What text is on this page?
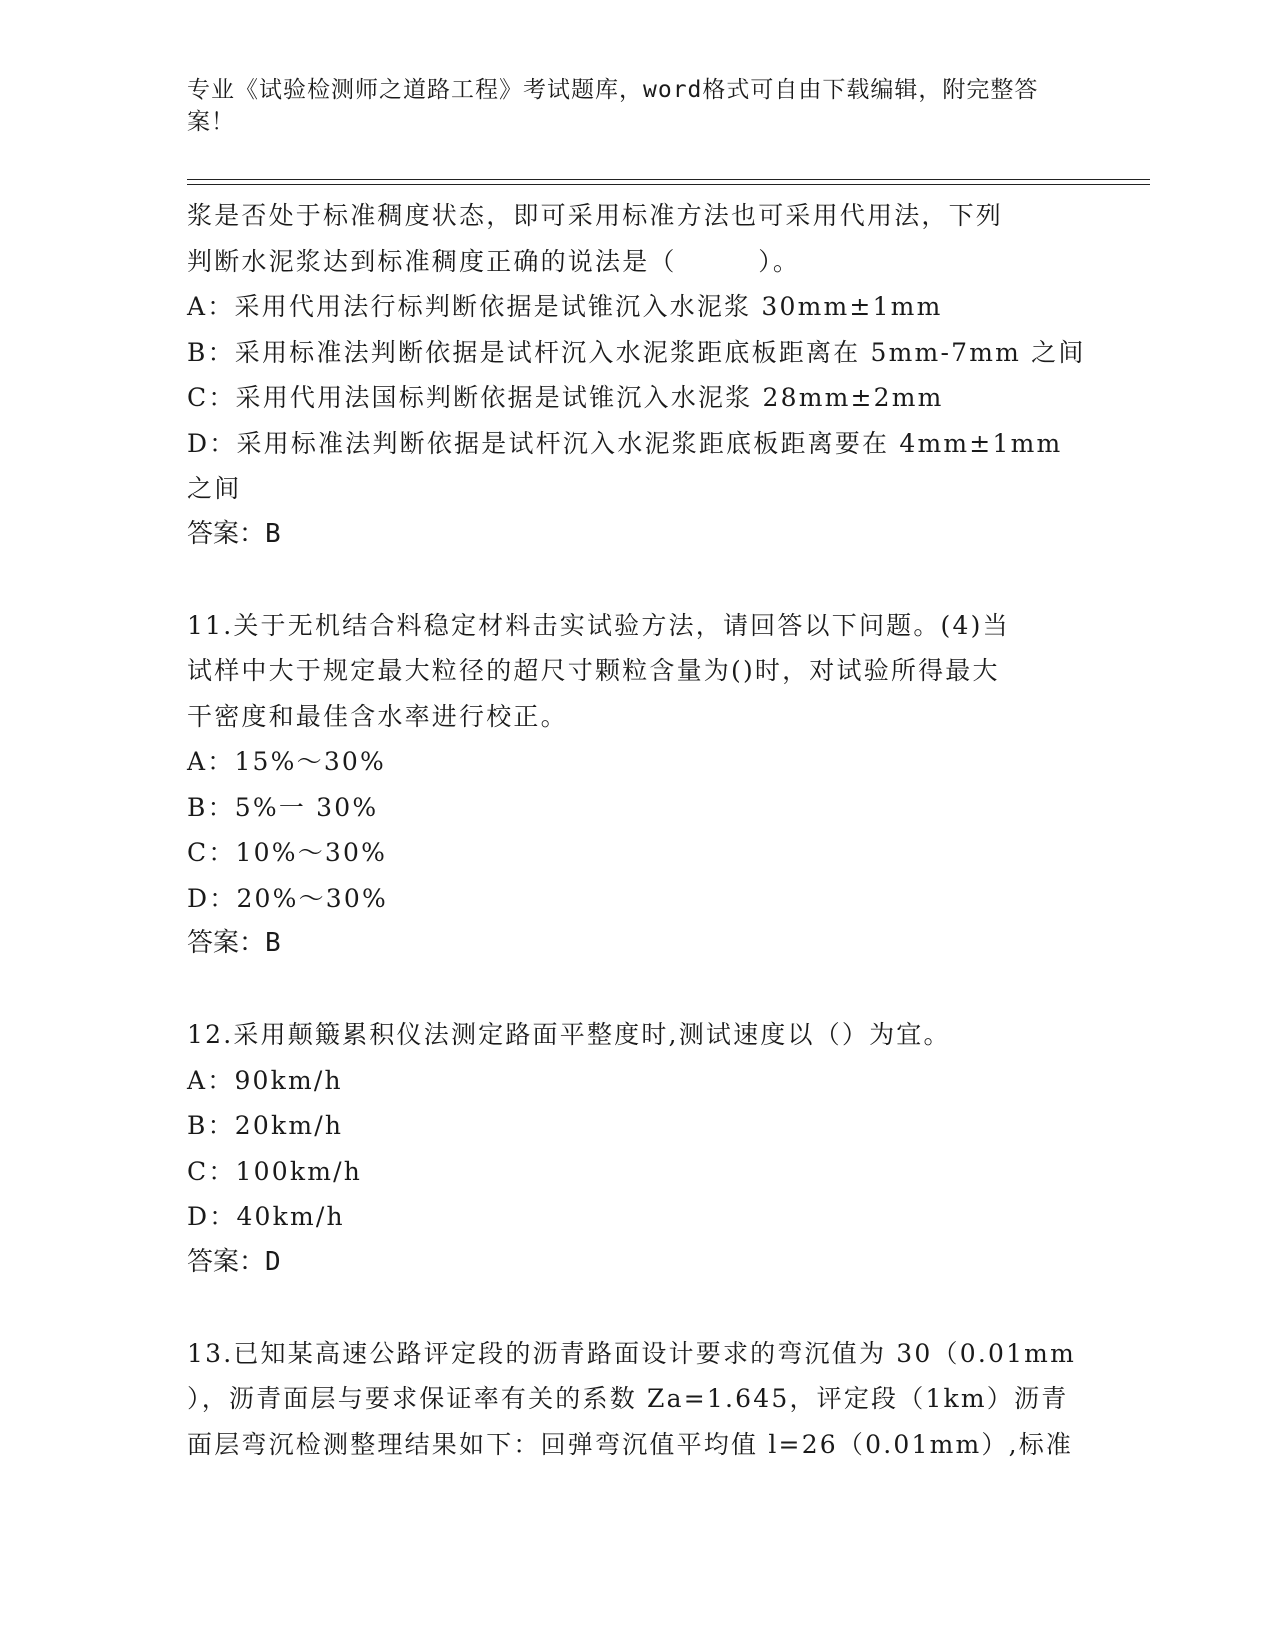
专业《试验检测师之道路工程》考试题库，word格式可自由下载编辑，附完整答
案！
浆是否处于标准稠度状态，即可采用标准方法也可采用代用法，下列
判断水泥浆达到标准稠度正确的说法是（　　　）。
A：采用代用法行标判断依据是试锥沉入水泥浆 30mm±1mm
B：采用标准法判断依据是试杆沉入水泥浆距底板距离在 5mm-7mm 之间
C：采用代用法国标判断依据是试锥沉入水泥浆 28mm±2mm
D：采用标准法判断依据是试杆沉入水泥浆距底板距离要在 4mm±1mm
之间
答案：B
11.关于无机结合料稳定材料击实试验方法，请回答以下问题。(4)当
试样中大于规定最大粒径的超尺寸颗粒含量为()时，对试验所得最大
干密度和最佳含水率进行校正。
A：15%～30%
B：5%一 30%
C：10%～30%
D：20%～30%
答案：B
12.采用颠簸累积仪法测定路面平整度时,测试速度以（）为宜。
A：90km/h
B：20km/h
C：100km/h
D：40km/h
答案：D
13.已知某高速公路评定段的沥青路面设计要求的弯沉值为 30（0.01mm
），沥青面层与要求保证率有关的系数 Za=1.645，评定段（1km）沥青
面层弯沉检测整理结果如下：回弹弯沉值平均值 l=26（0.01mm）,标准
